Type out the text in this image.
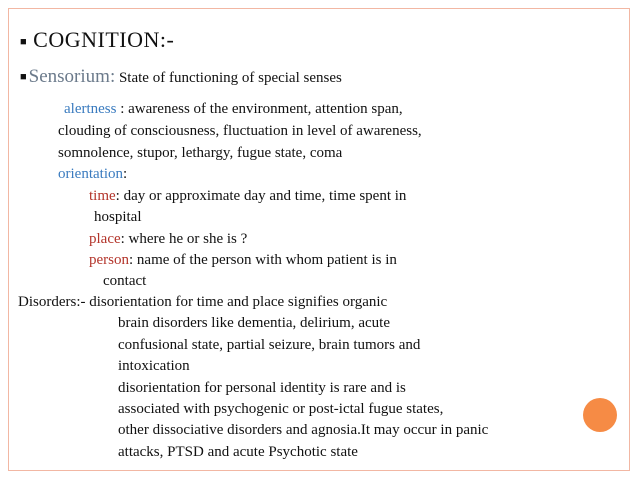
■ COGNITION:-
■ Sensorium: State of functioning of special senses
alertness : awareness of the environment, attention span,
clouding of consciousness, fluctuation in level of awareness,
somnolence, stupor, lethargy, fugue state, coma
orientation:
time: day or approximate day and time, time spent in
hospital
place: where he or she is ?
person: name of the person with whom patient is in
contact
Disorders:- disorientation for time and place signifies organic
brain disorders like dementia, delirium, acute
confusional state, partial seizure, brain tumors and
intoxication
disorientation for personal identity is rare and is
associated with psychogenic or post-ictal fugue states,
other dissociative disorders and agnosia.It may occur in panic
attacks, PTSD and acute Psychotic state
